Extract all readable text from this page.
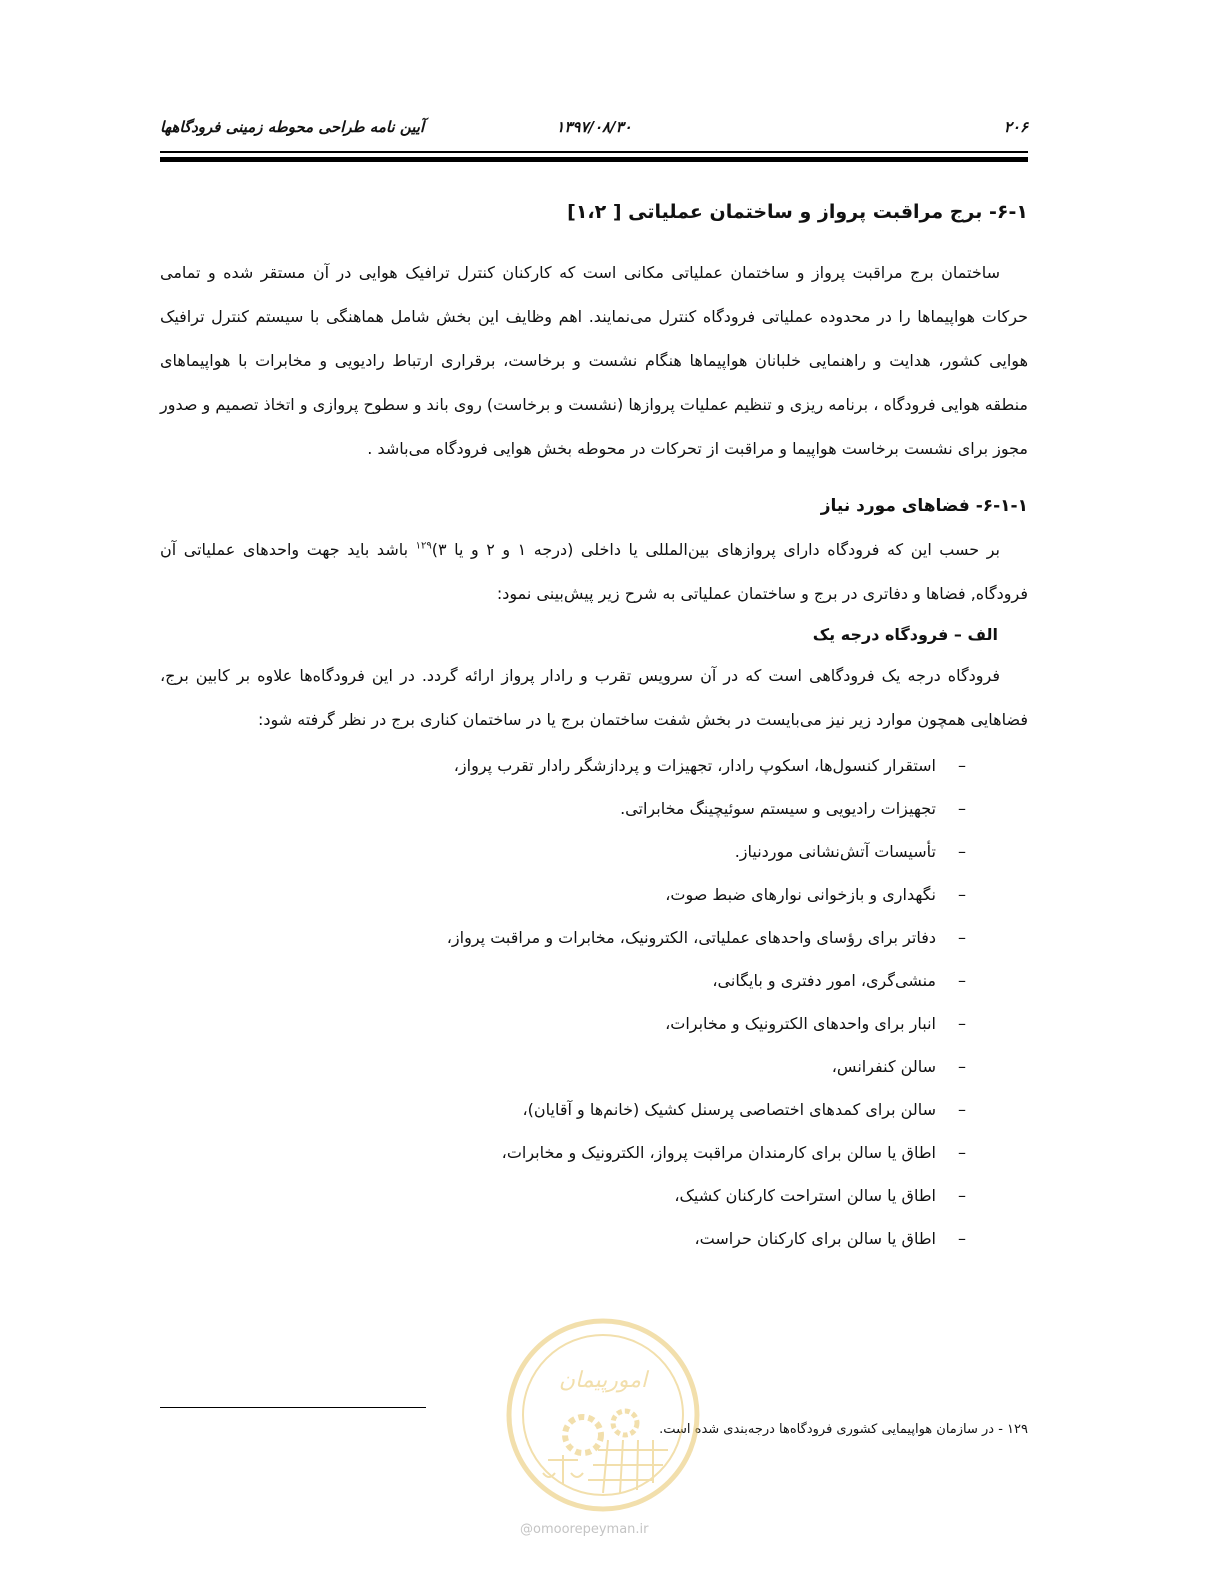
۲۰۶
۱۳۹۷/۰۸/۳۰
آیین نامه طراحی محوطه زمینی فرودگاهها
۶-۱- برج مراقبت پرواز و ساختمان عملیاتی [ ۱،۲]

ساختمان برج مراقبت پرواز و ساختمان عملیاتی مکانی است که کارکنان کنترل ترافیک هوایی در آن مستقر شده و تمامی حرکات هواپیماها را در محدوده عملیاتی فرودگاه کنترل می‌نمایند. اهم وظایف این بخش شامل هماهنگی با سیستم کنترل ترافیک هوایی کشور، هدایت و راهنمایی خلبانان هواپیماها هنگام نشست و برخاست، برقراری ارتباط رادیویی و مخابرات با هواپیماهای منطقه هوایی فرودگاه ، برنامه ریزی و تنظیم عملیات پروازها (نشست و برخاست) روی باند و سطوح پروازی و اتخاذ تصمیم و صدور مجوز برای نشست برخاست هواپیما و مراقبت از تحرکات در محوطه بخش هوایی فرودگاه می‌باشد .

۶-۱-۱- فضاهای مورد نیاز

بر حسب این که فرودگاه دارای پروازهای بین‌المللی یا داخلی (درجه ۱ و ۲ و یا ۳)$^{۱۲۹}$ باشد باید جهت واحدهای عملیاتی آن فرودگاه, فضاها و دفاتری در برج و ساختمان عملیاتی به شرح زیر پیش‌بینی نمود:

الف – فرودگاه درجه یک

فرودگاه درجه یک فرودگاهی است که در آن سرویس تقرب و رادار پرواز ارائه گردد. در این فرودگاه‌ها علاوه بر کابین برج، فضاهایی همچون موارد زیر نیز می‌بایست در بخش شفت ساختمان برج یا در ساختمان کناری برج در نظر گرفته شود:

– استقرار کنسول‌ها، اسکوپ رادار، تجهیزات و پردازشگر رادار تقرب پرواز،
– تجهیزات رادیویی و سیستم سوئیچینگ مخابراتی.
– تأسیسات آتش‌نشانی موردنیاز.
– نگهداری و بازخوانی نوارهای ضبط صوت،
– دفاتر برای رؤسای واحدهای عملیاتی، الکترونیک، مخابرات و مراقبت پرواز،
– منشی‌گری، امور دفتری و بایگانی،
– انبار برای واحدهای الکترونیک و مخابرات،
– سالن کنفرانس،
– سالن برای کمدهای اختصاصی پرسنل کشیک (خانم‌ها و آقایان)،
– اطاق یا سالن برای کارمندان مراقبت پرواز، الکترونیک و مخابرات،
– اطاق یا سالن استراحت کارکنان کشیک،
– اطاق یا سالن برای کارکنان حراست،
۱۲۹ - در سازمان هواپیمایی کشوری فرودگاه‌ها درجه‌بندی شده است.
امورپیمان
@omoorepeyman.ir
